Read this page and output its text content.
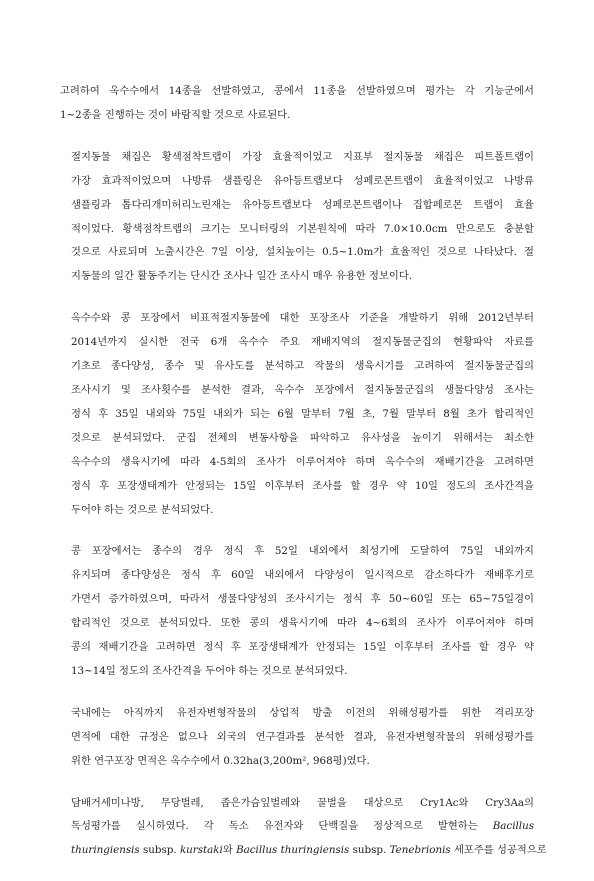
고려하여 옥수수에서 14종을 선발하였고, 콩에서 11종을 선발하였으며 평가는 각 기능군에서
1~2종을 진행하는 것이 바람직할 것으로 사료된다.

절지동물 채집은 황색점착트랩이 가장 효율적이었고 지표부 절지동물 채집은 피트폴트랩이
가장 효과적이었으며 나방류 샘플링은 유아등트랩보다 성페로몬트랩이 효율적이었고 나방류
샘플링과 톱다리개미허리노린재는 유아등트랩보다 성페로몬트랩이나 집합페로몬 트랩이 효율
적이었다. 황색점착트랩의 크기는 모니터링의 기본원칙에 따라 7.0×10.0cm 만으로도 충분할
것으로 사료되며 노출시간은 7일 이상, 설치높이는 0.5~1.0m가 효율적인 것으로 나타났다. 절
지동물의 일간 활동주기는 단시간 조사나 일간 조사시 매우 유용한 정보이다.

옥수수와 콩 포장에서 비표적절지동물에 대한 포장조사 기준을 개발하기 위해 2012년부터
2014년까지 실시한 전국 6개 옥수수 주요 재배지역의 절지동물군집의 현황파악 자료를
기초로 종다양성, 종수 및 유사도를 분석하고 작물의 생육시기를 고려하여 절지동물군집의
조사시기 및 조사횟수를 분석한 결과, 옥수수 포장에서 절지동물군집의 생물다양성 조사는
정식 후 35일 내외와 75일 내외가 되는 6월 말부터 7월 초, 7월 말부터 8월 초가 합리적인
것으로 분석되었다. 군집 전체의 변동사항을 파악하고 유사성을 높이기 위해서는 최소한
옥수수의 생육시기에 따라 4-5회의 조사가 이루어져야 하며 옥수수의 재배기간을 고려하면
정식 후 포장생태계가 안정되는 15일 이후부터 조사를 할 경우 약 10일 정도의 조사간격을
두어야 하는 것으로 분석되었다.

콩 포장에서는 종수의 경우 정식 후 52일 내외에서 최성기에 도달하여 75일 내외까지
유지되며 종다양성은 정식 후 60일 내외에서 다양성이 일시적으로 감소하다가 재배후기로
가면서 증가하였으며, 따라서 생물다양성의 조사시기는 정식 후 50~60일 또는 65~75일경이
합리적인 것으로 분석되었다. 또한 콩의 생육시기에 따라 4~6회의 조사가 이루어져야 하며
콩의 재배기간을 고려하면 정식 후 포장생태계가 안정되는 15일 이후부터 조사를 할 경우 약
13~14일 정도의 조사간격을 두어야 하는 것으로 분석되었다.

국내에는 아직까지 유전자변형작물의 상업적 방출 이전의 위해성평가를 위한 격리포장
면적에 대한 규정은 없으나 외국의 연구결과를 분석한 결과, 유전자변형작물의 위해성평가를
위한 연구포장 면적은 옥수수에서 0.32ha(3,200m², 968평)였다.

담배거세미나방, 무당벌레, 좁은가슴잎벌레와 꿀벌을 대상으로 Cry1Ac와 Cry3Aa의
독성평가를 실시하였다. 각 독소 유전자와 단백질을 정상적으로 발현하는 Bacillus
thuringiensis subsp. kurstaki와 Bacillus thuringiensis subsp. Tenebrionis 세포주를 성공적으로
